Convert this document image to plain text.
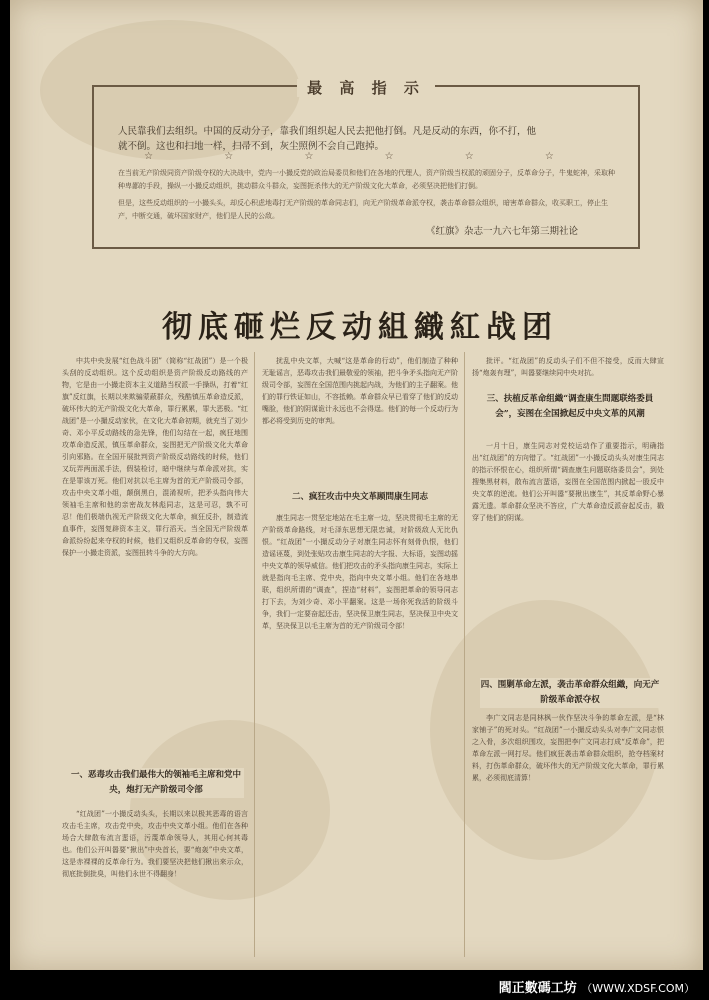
最 高 指 示
人民靠我们去组织。中国的反动分子，靠我们组织起人民去把他打倒。凡是反动的东西，你不打，他
就不倒。这也和扫地一样，扫帚不到，灰尘照例不会自己跑掉。
☆ ☆ ☆ ☆ ☆ ☆
在当前无产阶级同资产阶级夺权的大决战中，党内一小撮反党的政治局委员和他们在各地的代理人，资产阶级当权派的顽固分子，反革命分子，牛鬼蛇神，采取种种卑鄙的手段，操纵一小撮反动组织，挑动群众斗群众，妄图扼杀伟大的无产阶级文化大革命，必须坚决把他们打倒。
但是，这些反动组织的一小撮头头，却反心积虑地毒打无产阶级的革命同志们，向无产阶级革命派夺权，袭击革命群众组织，暗害革命群众，收买职工，停止生产，中断交通，破坏国家财产，他们是人民的公敌。
《红旗》杂志一九六七年第三期社论
彻底砸烂反动組織紅战团

中共中央发展“红色战斗团”（简称“红战团”）是一个极头刮的反动组织。这个反动组织是资产阶级反动路线的产物，它是由一小撮走资本主义道路当权派一手操纵，打着“红旗”反红旗，长期以来欺骗蒙蔽群众，残酷镇压革命造反派，破坏伟大的无产阶级文化大革命，罪行累累，罪大恶极。“红战团”是一小撮反动家伙，在文化大革命初期，就充当了刘少奇、邓小平反动路线的急先锋，他们勾结在一起，疯狂地围攻革命造反派，镇压革命群众，妄图把无产阶级文化大革命引向邪路。在全国开展批判资产阶级反动路线的时候，他们又玩弄两面派手法，假装检讨，暗中继续与革命派对抗，实在是罪该万死。他们对抗以毛主席为首的无产阶级司令部，攻击中央文革小组，颠倒黑白，混淆视听，把矛头指向伟大领袖毛主席和他的亲密战友林彪同志，这是可忍，孰不可忍！他们极端仇视无产阶级文化大革命，疯狂反扑，制造流血事件，妄图复辟资本主义，罪行滔天。当全国无产阶级革命派纷纷起来夺权的时候，他们又组织反革命的夺权，妄图保护一小撮走资派，妄图扭转斗争的大方向。

一、恶毒攻击我们最伟大的领袖毛主席和党中央，炮打无产阶级司令部

“红战团”一小撮反动头头，长期以来以极其恶毒的语言攻击毛主席，攻击党中央，攻击中央文革小组。他们在各种场合大肆散布流言蜚语，污蔑革命领导人，其用心何其毒也。他们公开叫嚣要“揪出”中央首长，要“炮轰”中央文革，这是赤裸裸的反革命行为。我们要坚决把他们揪出来示众，彻底批倒批臭，叫他们永世不得翻身！

扰乱中央文革，大喊“这是革命的行动”，他们制造了种种无耻谣言，恶毒攻击我们最敬爱的领袖，把斗争矛头指向无产阶级司令部，妄图在全国范围内挑起内战，为他们的主子翻案。他们的罪行铁证如山，不容抵赖。革命群众早已看穿了他们的反动嘴脸，他们的阴谋诡计永远也不会得逞。他们的每一个反动行为都必将受到历史的审判。

二、疯狂攻击中央文革顾問康生同志

康生同志一贯坚定地站在毛主席一边，坚决贯彻毛主席的无产阶级革命路线，对毛泽东思想无限忠诚，对阶级敌人无比仇恨。“红战团”一小撮反动分子对康生同志怀有刻骨仇恨，他们造谣诬蔑，到处张贴攻击康生同志的大字报、大标语，妄图动摇中央文革的领导威信。他们把攻击的矛头指向康生同志，实际上就是指向毛主席、党中央，指向中央文革小组。他们在各地串联，组织所谓的“调查”，捏造“材料”，妄图把革命的领导同志打下去，为刘少奇、邓小平翻案。这是一场你死我活的阶级斗争，我们一定要奋起还击，坚决保卫康生同志，坚决保卫中央文革，坚决保卫以毛主席为首的无产阶级司令部！

批评。“红战团”的反动头子们不但不接受，反而大肆宣扬“炮轰有理”，叫嚣要继续同中央对抗。

三、扶植反革命组織“调查康生問题联络委員会”，妄图在全国掀起反中央文革的风潮

一月十日，康生同志对党校运动作了重要指示，明确指出“红战团”的方向错了。“红战团”一小撮反动头头对康生同志的指示怀恨在心，组织所谓“调查康生问题联络委员会”，到处搜集黑材料，散布流言蜚语，妄图在全国范围内掀起一股反中央文革的逆流。他们公开叫嚣“要揪出康生”，其反革命野心暴露无遗。革命群众坚决不答应，广大革命造反派奋起反击，戳穿了他们的阴谋。

四、围剿革命左派，袭击革命群众组織，向无产阶级革命派夺权

李广文同志是同林枫一伙作坚决斗争的革命左派，是“林家铺子”的死对头。“红战团”一小撮反动头头对李广文同志恨之入骨，多次组织围攻，妄图把李广文同志打成“反革命”，把革命左派一网打尽。他们疯狂袭击革命群众组织，抢夺档案材料，打伤革命群众，破坏伟大的无产阶级文化大革命，罪行累累，必须彻底清算！

閻正數碼工坊 （WWW.XDSF.COM）
